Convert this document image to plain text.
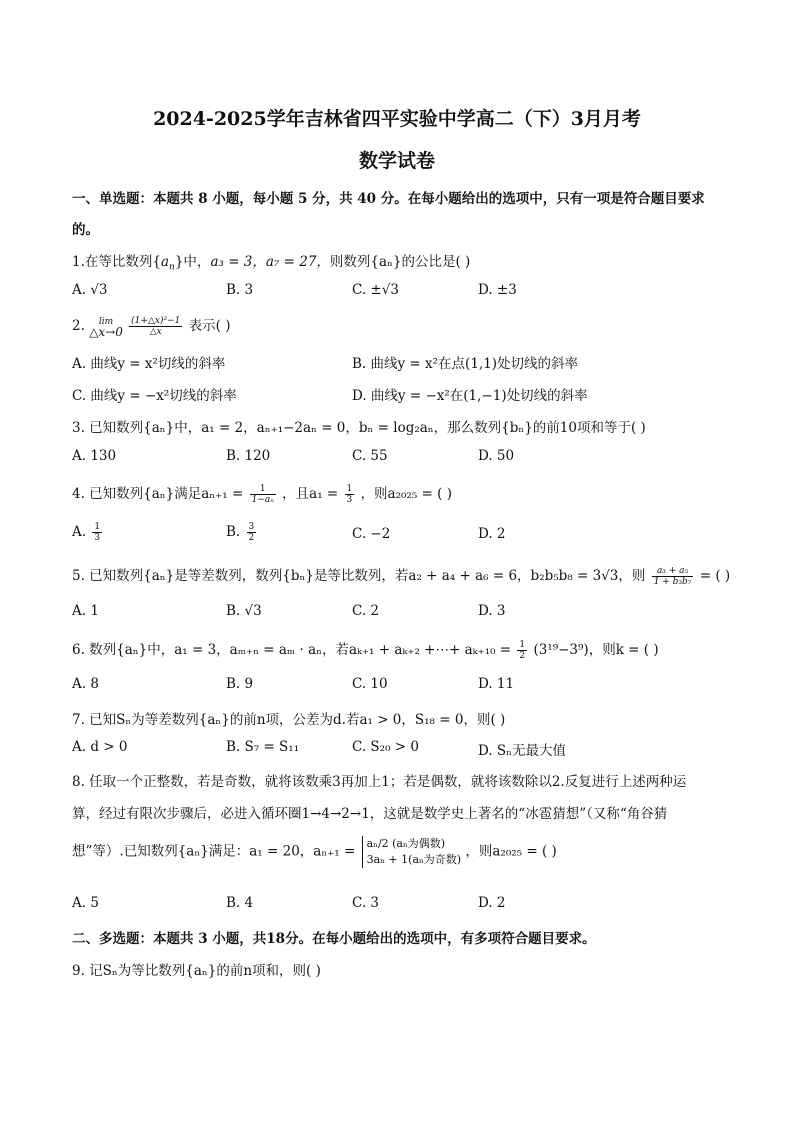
2024-2025学年吉林省四平实验中学高二（下）3月月考
数学试卷
一、单选题：本题共 8 小题，每小题 5 分，共 40 分。在每小题给出的选项中，只有一项是符合题目要求
的。
1.在等比数列$\{a_n\}$中，a₃ = 3，a₇ = 27，则数列{aₙ}的公比是( )
A. √3	B. 3	C. ±√3	D. ±3
2.	lim
△x→0
$\frac{\text{(1+△x)²−1}}{\triangle x}$ 表示( )
A. 曲线y = x²切线的斜率	B. 曲线y = x²在点(1,1)处切线的斜率
C. 曲线y = −x²切线的斜率	D. 曲线y = −x²在(1,−1)处切线的斜率
3. 已知数列{aₙ}中，a₁ = 2，aₙ₊₁−2aₙ = 0，bₙ = log₂aₙ，那么数列{bₙ}的前10项和等于( )
A. 130	B. 120	C. 55	D. 50
4. 已知数列{aₙ}满足$a_{n+1} = \frac{1}{\text{1−aₙ}}$ ，且$a_1 = \frac{1}{3}$ ，则a₂₀₂₅ = ( )
A. $\frac{1}{3}$	B. $\frac{3}{2}$	C. −2	D. 2
5. 已知数列{aₙ}是等差数列，数列{bₙ}是等比数列，若a₂ + a₄ + a₆ = 6，b₂b₅b₈ = 3√3，则 $\frac{\text{a₃ + a₅}}{\text{1 + b₃b₇}}$ = ( )
A. 1	B. √3	C. 2	D. 3
6. 数列{aₙ}中，a₁ = 3，aₘ₊ₙ = aₘ · aₙ，若aₖ₊₁ + aₖ₊₂ +⋯+ $a_{k+10} = \frac{1}{2} (3^{19}-3^9)$，则k = ( )
A. 8	B. 9	C. 10	D. 11
7. 已知Sₙ为等差数列{aₙ}的前n项，公差为d.若a₁ > 0，S₁₈ = 0，则( )
A. d > 0	B. S₇ = S₁₁	C. S₂₀ > 0	D. Sₙ无最大值
8. 任取一个正整数，若是奇数，就将该数乘3再加上1；若是偶数，就将该数除以2.反复进行上述两种运
算，经过有限次步骤后，必进入循环圈1→4→2→1，这就是数学史上著名的“冰雹猜想”（又称“角谷猜
想”等）.已知数列{aₙ}满足：a₁ = 20，aₙ₊₁ = aₙ/2 (aₙ为偶数)
3aₙ + 1(aₙ为奇数) ，则a₂₀₂₅ = ( )
A. 5	B. 4	C. 3	D. 2
二、多选题：本题共 3 小题，共18分。在每小题给出的选项中，有多项符合题目要求。
9. 记Sₙ为等比数列{aₙ}的前n项和，则( )
